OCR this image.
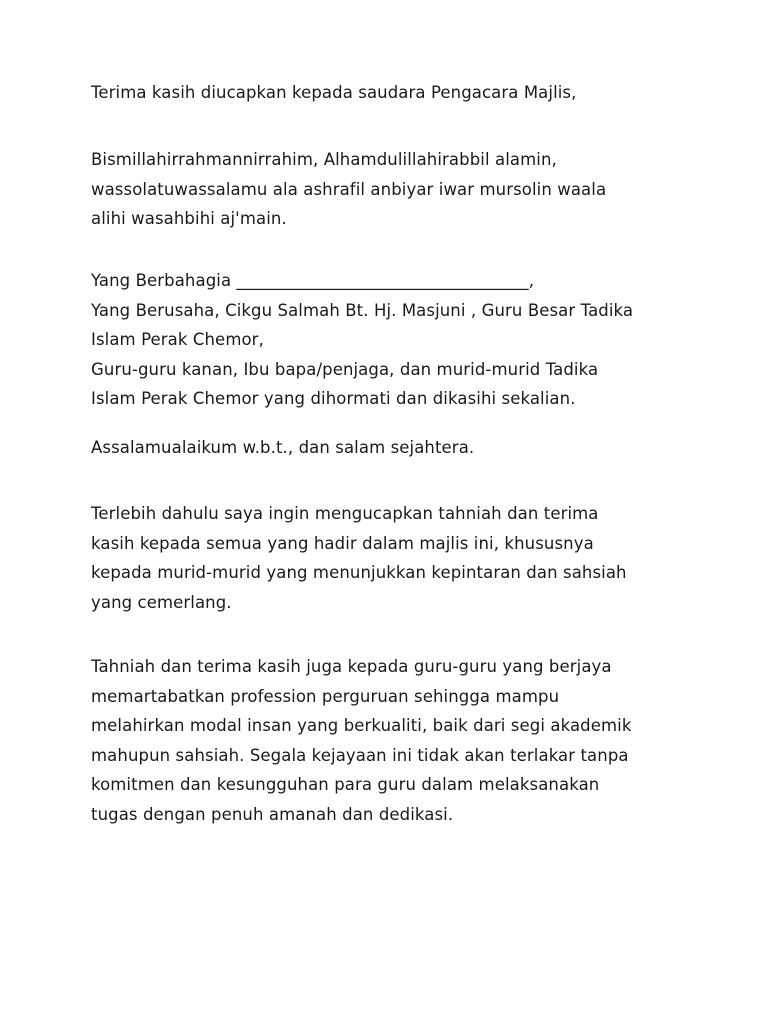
Terima kasih diucapkan kepada saudara Pengacara Majlis,
Bismillahirrahmannirrahim, Alhamdulillahirabbil alamin,
wassolatuwassalamu ala ashrafil anbiyar iwar mursolin waala
alihi wasahbihi aj'main.
Yang Berbahagia ___________________________________,
Yang Berusaha, Cikgu Salmah Bt. Hj. Masjuni , Guru Besar Tadika
Islam Perak Chemor,
Guru-guru kanan, Ibu bapa/penjaga, dan murid-murid Tadika
Islam Perak Chemor yang dihormati dan dikasihi sekalian.
Assalamualaikum w.b.t., dan salam sejahtera.
Terlebih dahulu saya ingin mengucapkan tahniah dan terima
kasih kepada semua yang hadir dalam majlis ini, khususnya
kepada murid-murid yang menunjukkan kepintaran dan sahsiah
yang cemerlang.
Tahniah dan terima kasih juga kepada guru-guru yang berjaya
memartabatkan profession perguruan sehingga mampu
melahirkan modal insan yang berkualiti, baik dari segi akademik
mahupun sahsiah. Segala kejayaan ini tidak akan terlakar tanpa
komitmen dan kesungguhan para guru dalam melaksanakan
tugas dengan penuh amanah dan dedikasi.
